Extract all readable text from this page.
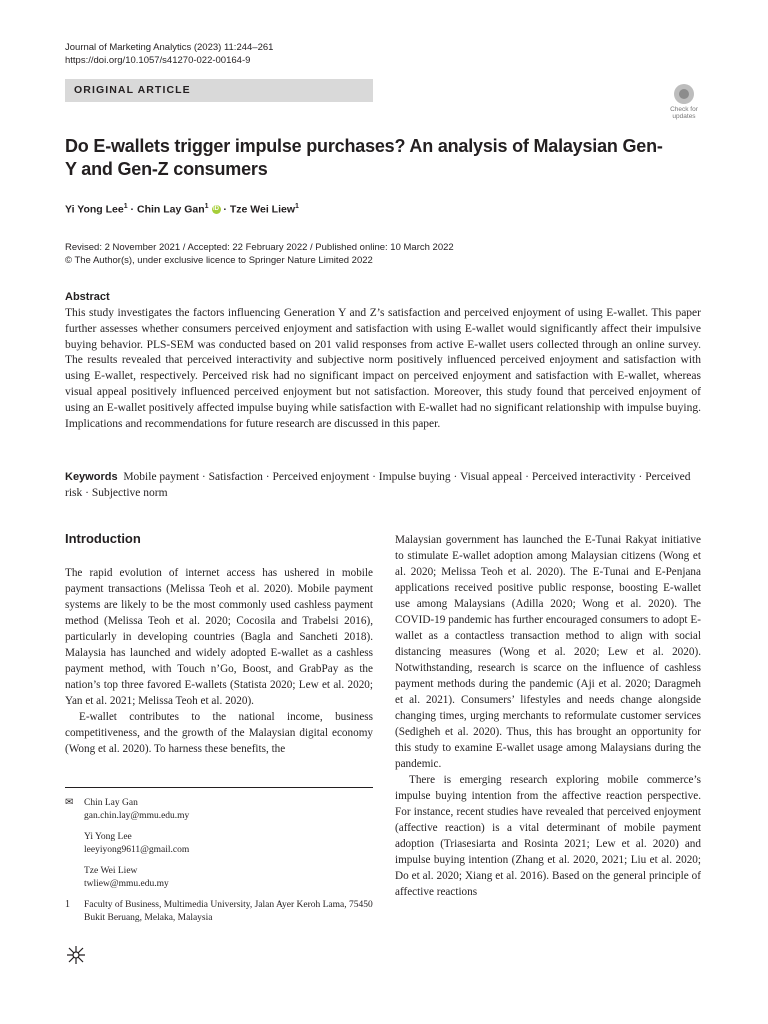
Journal of Marketing Analytics (2023) 11:244–261
https://doi.org/10.1057/s41270-022-00164-9
ORIGINAL ARTICLE
Check for
updates
Do E-wallets trigger impulse purchases? An analysis of Malaysian Gen-Y and Gen-Z consumers
Yi Yong Lee$^1$ · Chin Lay Gan$^1$ iD · Tze Wei Liew$^1$
Revised: 2 November 2021 / Accepted: 22 February 2022 / Published online: 10 March 2022
© The Author(s), under exclusive licence to Springer Nature Limited 2022
Abstract
This study investigates the factors influencing Generation Y and Z’s satisfaction and perceived enjoyment of using E-wallet. This paper further assesses whether consumers perceived enjoyment and satisfaction with using E-wallet would significantly affect their impulsive buying behavior. PLS-SEM was conducted based on 201 valid responses from active E-wallet users collected through an online survey. The results revealed that perceived interactivity and subjective norm positively influenced perceived enjoyment and satisfaction with using E-wallet, respectively. Perceived risk had no significant impact on perceived enjoyment and satisfaction with E-wallet, whereas visual appeal positively influenced perceived enjoyment but not satisfaction. Moreover, this study found that perceived enjoyment of using an E-wallet positively affected impulse buying while satisfaction with E-wallet had no significant relationship with impulse buying. Implications and recommendations for future research are discussed in this paper.
Keywords Mobile payment · Satisfaction · Perceived enjoyment · Impulse buying · Visual appeal · Perceived interactivity · Perceived risk · Subjective norm
Introduction

The rapid evolution of internet access has ushered in mobile payment transactions (Melissa Teoh et al. 2020). Mobile payment systems are likely to be the most commonly used cashless payment method (Melissa Teoh et al. 2020; Cocosila and Trabelsi 2016), particularly in developing countries (Bagla and Sancheti 2018). Malaysia has launched and widely adopted E-wallet as a cashless payment method, with Touch n’Go, Boost, and GrabPay as the nation’s top three favored E-wallets (Statista 2020; Lew et al. 2020; Yan et al. 2021; Melissa Teoh et al. 2020).

E-wallet contributes to the national income, business competitiveness, and the growth of the Malaysian digital economy (Wong et al. 2020). To harness these benefits, the

Malaysian government has launched the E-Tunai Rakyat initiative to stimulate E-wallet adoption among Malaysian citizens (Wong et al. 2020; Melissa Teoh et al. 2020). The E-Tunai and E-Penjana applications received positive public response, boosting E-wallet use among Malaysians (Adilla 2020; Wong et al. 2020). The COVID-19 pandemic has further encouraged consumers to adopt E-wallet as a contactless transaction method to align with social distancing measures (Wong et al. 2020; Lew et al. 2020). Notwithstanding, research is scarce on the influence of cashless payment methods during the pandemic (Aji et al. 2020; Daragmeh et al. 2021). Consumers’ lifestyles and needs change alongside changing times, urging merchants to reformulate customer services (Sedigheh et al. 2020). Thus, this has brought an opportunity for this study to examine E-wallet usage among Malaysians during the pandemic.

There is emerging research exploring mobile commerce’s impulse buying intention from the affective reaction perspective. For instance, recent studies have revealed that perceived enjoyment (affective reaction) is a vital determinant of mobile payment adoption (Triasesiarta and Rosinta 2021; Lew et al. 2020) and impulse buying intention (Zhang et al. 2020, 2021; Liu et al. 2020; Do et al. 2020; Xiang et al. 2016). Based on the general principle of affective reactions

✉ Chin Lay Gan
gan.chin.lay@mmu.edu.my
Yi Yong Lee
leeyiyong9611@gmail.com
Tze Wei Liew
twliew@mmu.edu.my
1 Faculty of Business, Multimedia University, Jalan Ayer Keroh Lama, 75450 Bukit Beruang, Melaka, Malaysia
